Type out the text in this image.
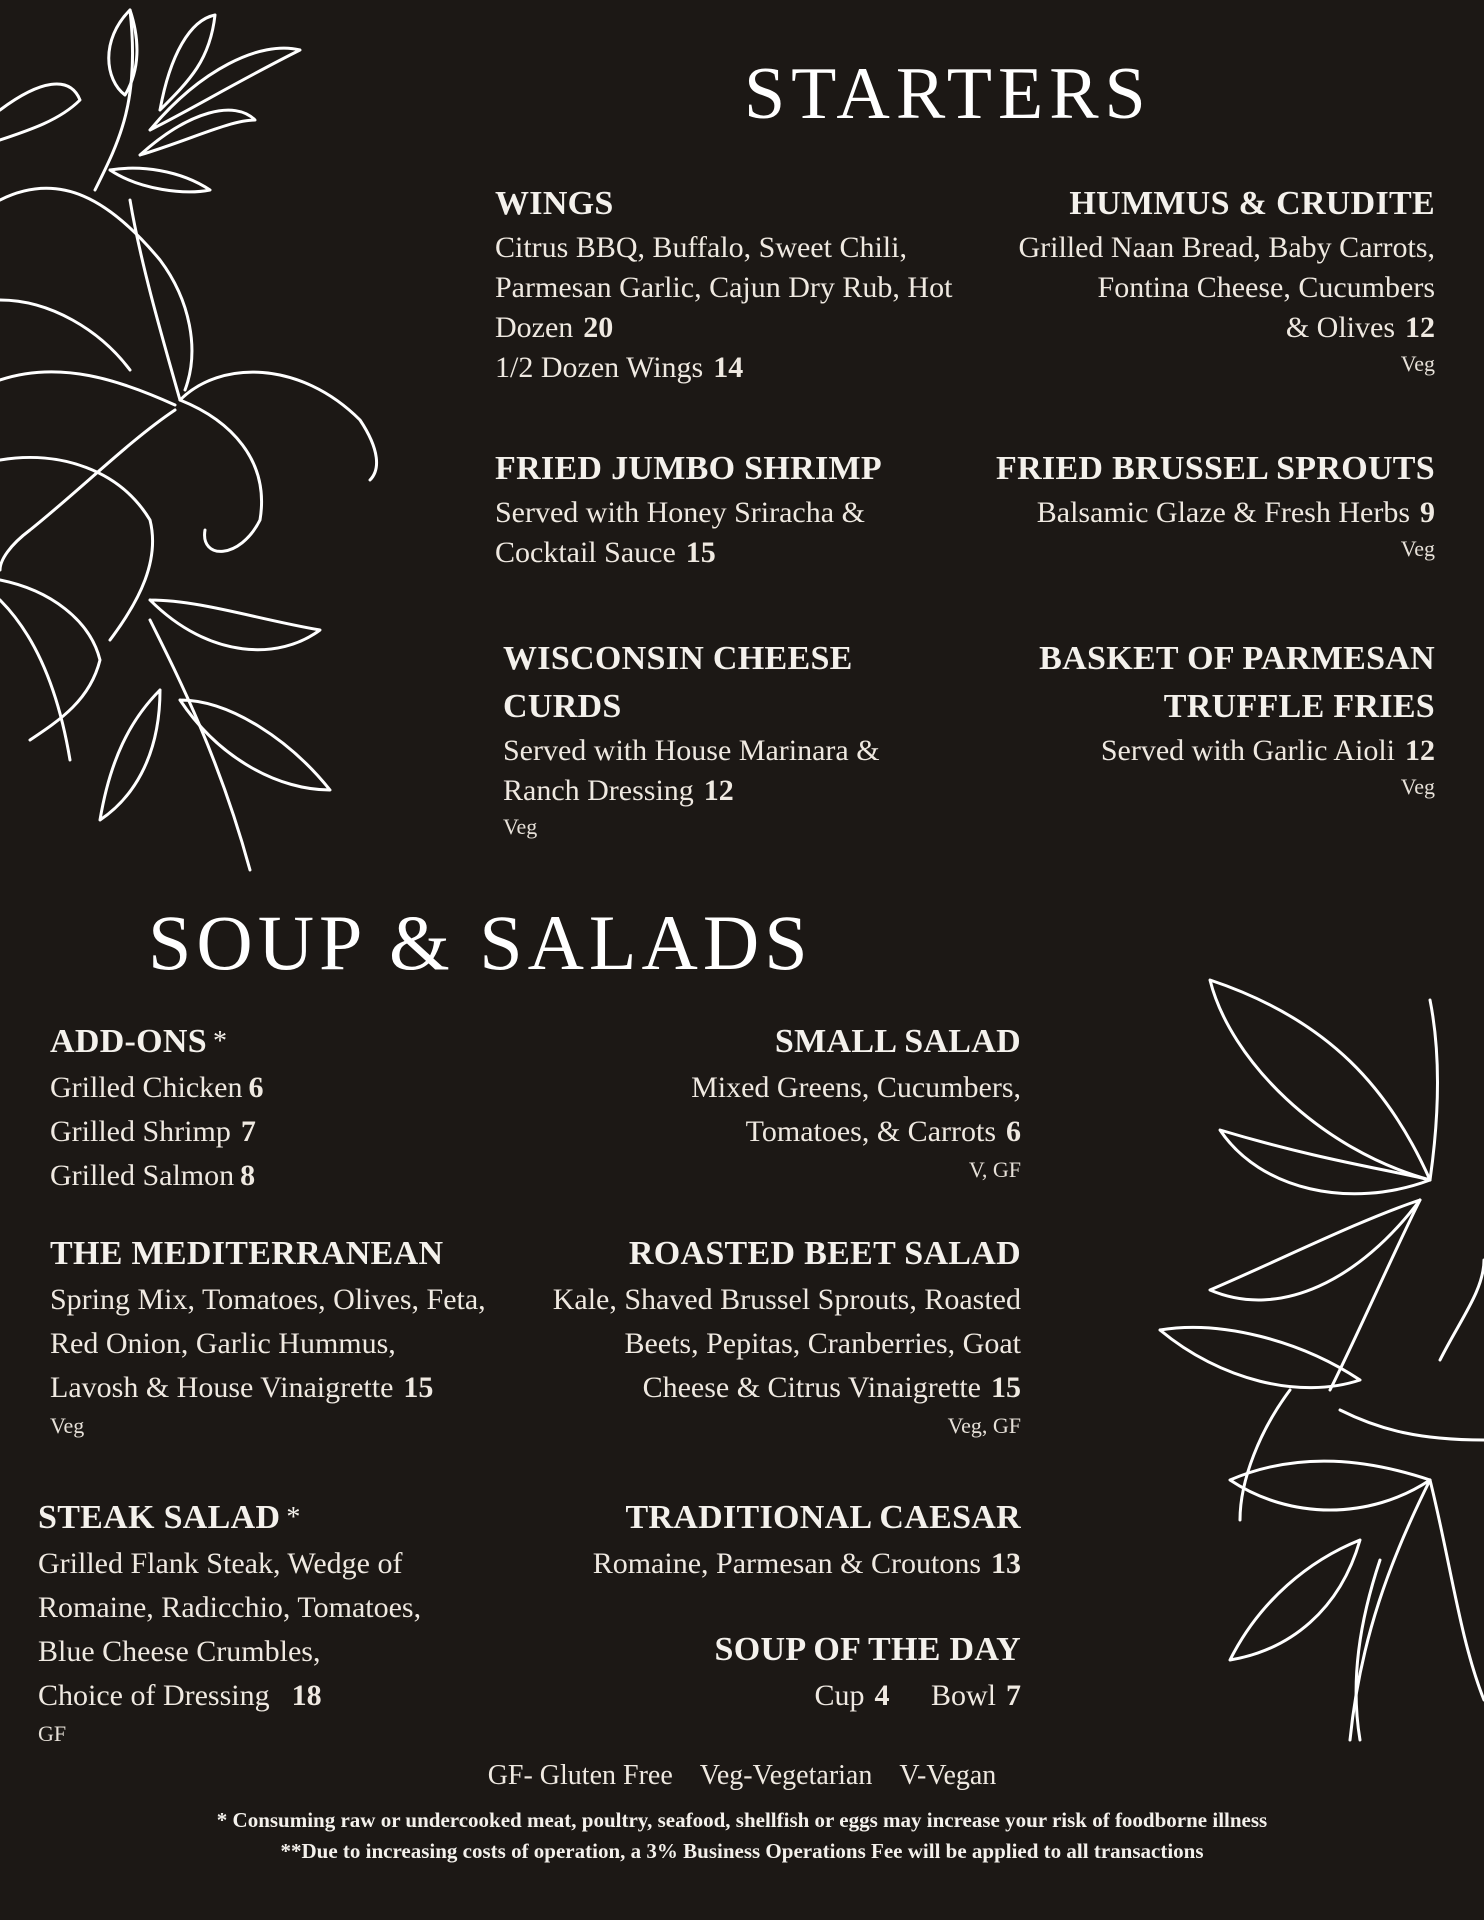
STARTERS
WINGS
Citrus BBQ, Buffalo, Sweet Chili, Parmesan Garlic, Cajun Dry Rub, Hot
Dozen 20
1/2 Dozen Wings 14
HUMMUS & CRUDITE
Grilled Naan Bread, Baby Carrots, Fontina Cheese, Cucumbers
& Olives 12
Veg
FRIED JUMBO SHRIMP
Served with Honey Sriracha &
Cocktail Sauce 15
FRIED BRUSSEL SPROUTS
Balsamic Glaze & Fresh Herbs 9
Veg
WISCONSIN CHEESE CURDS
Served with House Marinara &
Ranch Dressing 12
Veg
BASKET OF PARMESAN TRUFFLE FRIES
Served with Garlic Aioli 12
Veg
SOUP & SALADS
ADD-ONS *
Grilled Chicken 6
Grilled Shrimp 7
Grilled Salmon 8
SMALL SALAD
Mixed Greens, Cucumbers,
Tomatoes, & Carrots 6
V, GF
THE MEDITERRANEAN
Spring Mix, Tomatoes, Olives, Feta, Red Onion, Garlic Hummus,
Lavosh & House Vinaigrette 15
Veg
ROASTED BEET SALAD
Kale, Shaved Brussel Sprouts, Roasted Beets, Pepitas, Cranberries, Goat
Cheese & Citrus Vinaigrette 15
Veg, GF
STEAK SALAD *
Grilled Flank Steak, Wedge of Romaine, Radicchio, Tomatoes, Blue Cheese Crumbles,
Choice of Dressing 18
GF
TRADITIONAL CAESAR
Romaine, Parmesan & Croutons 13
SOUP OF THE DAY
Cup 4 Bowl 7
GF- Gluten Free Veg-Vegetarian V-Vegan
* Consuming raw or undercooked meat, poultry, seafood, shellfish or eggs may increase your risk of foodborne illness
**Due to increasing costs of operation, a 3% Business Operations Fee will be applied to all transactions
